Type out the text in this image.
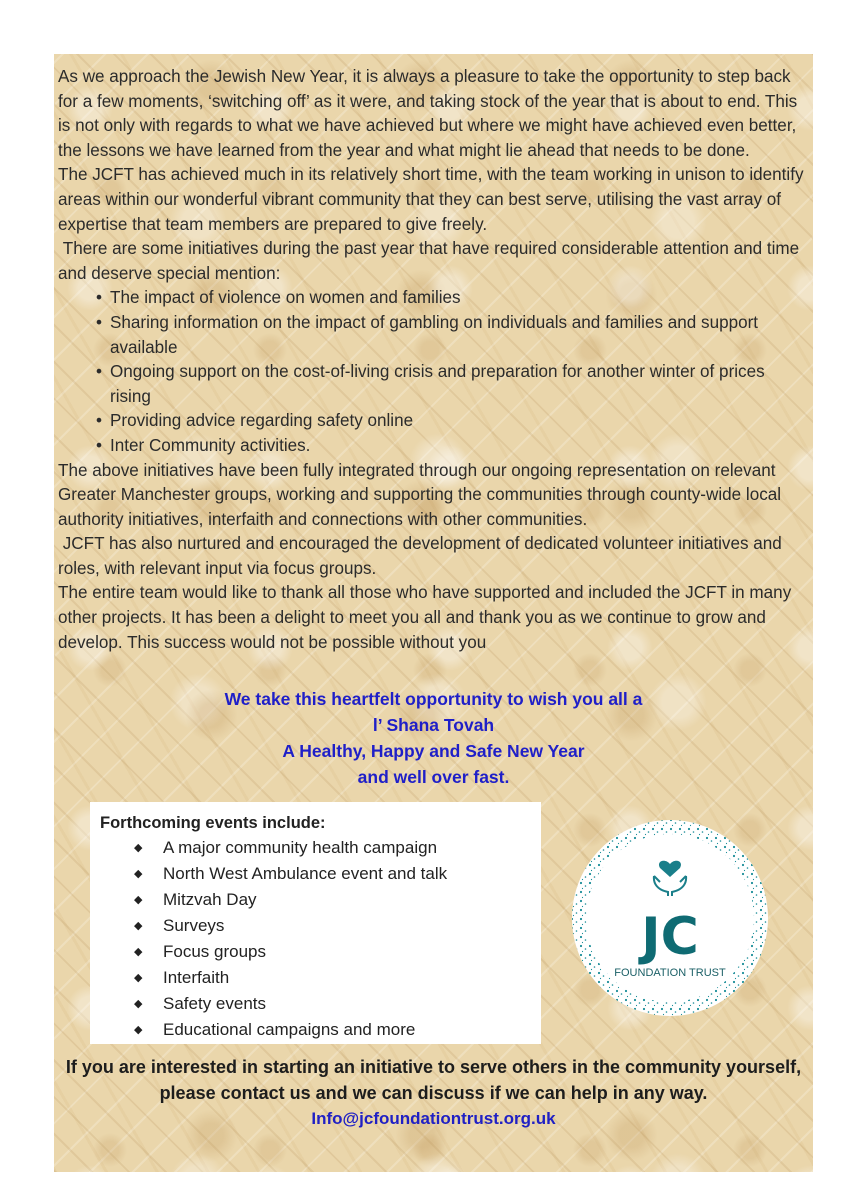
As we approach the Jewish New Year, it is always a pleasure to take the opportunity to step back for a few moments, ‘switching off’ as it were, and taking stock of the year that is about to end. This is not only with regards to what we have achieved but where we might have achieved even better, the lessons we have learned from the year and what might lie ahead that needs to be done.

The JCFT has achieved much in its relatively short time, with the team working in unison to identify areas within our wonderful vibrant community that they can best serve, utilising the vast array of expertise that team members are prepared to give freely.

There are some initiatives during the past year that have required considerable attention and time and deserve special mention:

• The impact of violence on women and families
• Sharing information on the impact of gambling on individuals and families and support available
• Ongoing support on the cost-of-living crisis and preparation for another winter of prices rising
• Providing advice regarding safety online
• Inter Community activities.

The above initiatives have been fully integrated through our ongoing representation on relevant Greater Manchester groups, working and supporting the communities through county-wide local authority initiatives, interfaith and connections with other communities.

JCFT has also nurtured and encouraged the development of dedicated volunteer initiatives and roles, with relevant input via focus groups.

The entire team would like to thank all those who have supported and included the JCFT in many other projects. It has been a delight to meet you all and thank you as we continue to grow and develop. This success would not be possible without you

We take this heartfelt opportunity to wish you all a
l’ Shana Tovah
A Healthy, Happy and Safe New Year
and well over fast.
Forthcoming events include:
◆ A major community health campaign
◆ North West Ambulance event and talk
◆ Mitzvah Day
◆ Surveys
◆ Focus groups
◆ Interfaith
◆ Safety events
◆ Educational campaigns and more
JC
FOUNDATION TRUST
If you are interested in starting an initiative to serve others in the community yourself, please contact us and we can discuss if we can help in any way.
Info@jcfoundationtrust.org.uk
